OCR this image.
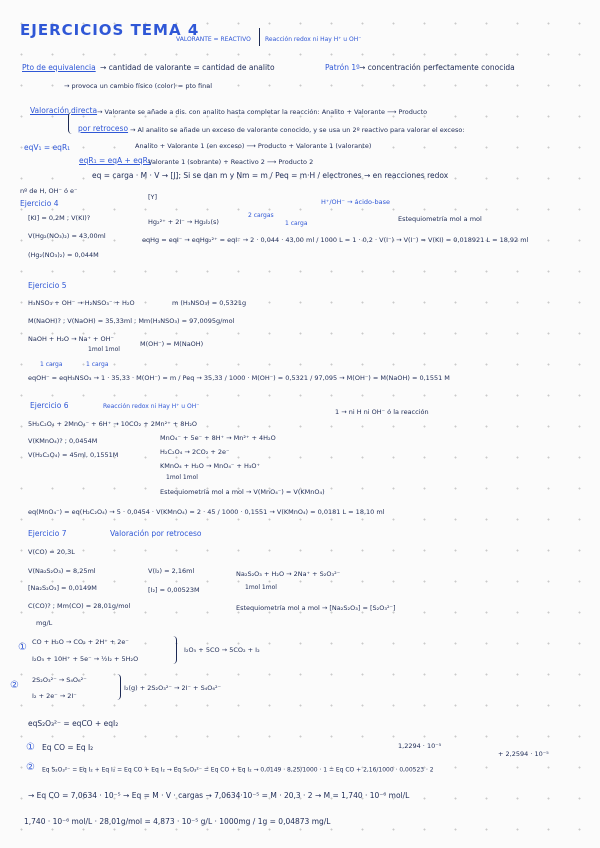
EJERCICIOS TEMA 4
VALORANTE = REACTIVO Reacción redox ni Hay H⁺ u OH⁻
Pto de equivalencia → cantidad de valorante = cantidad de analito	Patrón 1º → concentración perfectamente conocida
→ provoca un cambio físico (color) = pto final
Valoración directa → Valorante se añade a dis. con analito hasta completar la reacción: Analito + Valorante ⟶ Producto
por retroceso → Al analito se añade un exceso de valorante conocido, y se usa un 2º reactivo para valorar el exceso:
eqV₁ = eqR₁	Analito + Valorante 1 (en exceso) ⟶ Producto + Valorante 1 (valorante)
eqR₁ = eqA + eqR₂
Valorante 1 (sobrante) + Reactivo 2 ⟶ Producto 2
eq = carga · M · V → [J]; Si se dan m y Nm = m / Peq = m·H / electrones → en reacciones redox
H⁺/OH⁻ → ácido-base
nº de H, OH⁻ ó e⁻
[Y]
Ejercicio 4
[KI] = 0,2M ; V(KI)?
V(Hg₂(NO₃)₂) = 43,00ml
(Hg₂(NO₃)₂) = 0,044M
Hg₂²⁺ + 2I⁻ → Hg₂I₂(s)
2 cargas
1 carga
Estequiometría mol a mol
eqHg = eqI⁻ → eqHg₂²⁺ = eqI⁻ → 2 · 0,044 · 43,00 ml / 1000 L = 1 · 0,2 · V(I⁻) → V(I⁻) = V(KI) = 0,018921 L = 18,92 ml
Ejercicio 5
H₃NSO₃ + OH⁻ → H₂NSO₃⁻ + H₂O	m (H₃NSO₃) = 0,5321g
M(NaOH)? ; V(NaOH) = 35,33ml ; Mm(H₃NSO₃) = 97,0095g/mol
NaOH + H₂O → Na⁺ + OH⁻
1mol 1mol
M(OH⁻) = M(NaOH)
1 carga	1 carga
eqOH⁻ = eqH₃NSO₃ → 1 · 35,33 · M(OH⁻) = m / Peq → 35,33 / 1000 · M(OH⁻) = 0,5321 / 97,095 → M(OH⁻) = M(NaOH) = 0,1551 M
1 → ni H ni OH⁻ ó la reacción
Ejercicio 6	Reacción redox ni Hay H⁺ u OH⁻
5H₂C₂O₄ + 2MnO₄⁻ + 6H⁺ → 10CO₂ + 2Mn²⁺ + 8H₂O
V(KMnO₄)? ; 0,0454M
V(H₂C₂O₄) = 45ml, 0,1551M
MnO₄⁻ + 5e⁻ + 8H⁺ → Mn²⁺ + 4H₂O
H₂C₂O₄ → 2CO₂ + 2e⁻
KMnO₄ + H₂O → MnO₄⁻ + H₃O⁺
1mol 1mol
Estequiometría mol a mol → V(MnO₄⁻) = V(KMnO₄)
eq(MnO₄⁻) = eq(H₂C₂O₄) → 5 · 0,0454 · V(KMnO₄) = 2 · 45 / 1000 · 0,1551 → V(KMnO₄) = 0,0181 L = 18,10 ml
Ejercicio 7	Valoración por retroceso
V(CO) = 20,3L
V(Na₂S₂O₃) = 8,25ml	V(I₂) = 2,16ml	Na₂S₂O₃ + H₂O → 2Na⁺ + S₂O₃²⁻
[Na₂S₂O₃] = 0,0149M	[I₂] = 0,00523M	1mol 1mol
C(CO)? ; Mm(CO) = 28,01g/mol	Estequiometría mol a mol → [Na₂S₂O₃] = [S₂O₃²⁻]
mg/L
① CO + H₂O → CO₂ + 2H⁺ + 2e⁻
I₂O₅ + 10H⁺ + 5e⁻ → ½I₂ + 5H₂O
I₂O₅ + 5CO → 5CO₂ + I₂
② 2S₂O₃²⁻ → S₄O₆²⁻
I₂ + 2e⁻ → 2I⁻
I₂(g) + 2S₂O₃²⁻ → 2I⁻ + S₄O₆²⁻
eqS₂O₃²⁻ = eqCO + eqI₂
① Eq CO = Eq I₂	1,2294 · 10⁻⁵
+ 2,2594 · 10⁻⁵
② Eq S₂O₃²⁻ = Eq I₂ + Eq I₂ = Eq CO + Eq I₂ → Eq S₂O₃²⁻ = Eq CO + Eq I₂ → 0,0149 · 8,25/1000 · 1 = Eq CO + 2,16/1000 · 0,00523 · 2
→ Eq CO = 7,0634 · 10⁻⁵ → Eq = M · V · cargas → 7,0634·10⁻⁵ = M · 20,3 · 2 → M = 1,740 · 10⁻⁶ mol/L
1,740 · 10⁻⁶ mol/L · 28,01g/mol = 4,873 · 10⁻⁵ g/L · 1000mg / 1g = 0,04873 mg/L
